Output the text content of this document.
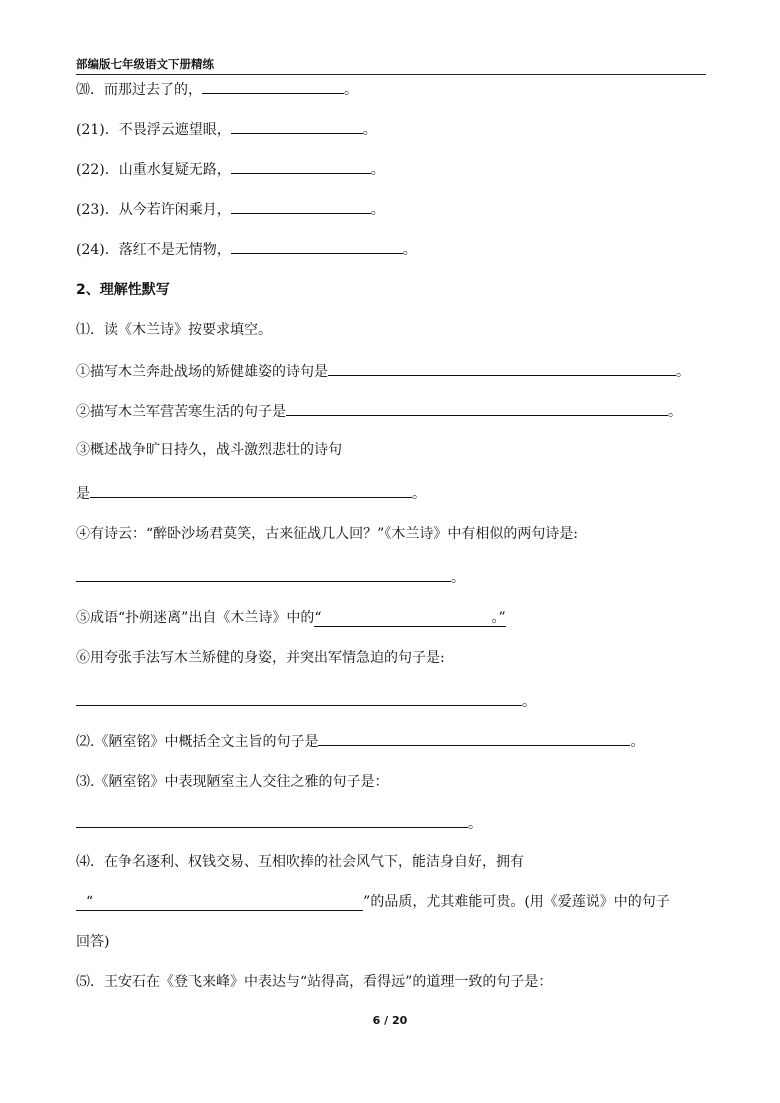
部编版七年级语文下册精练
⒇．而那过去了的，	。
(21)．不畏浮云遮望眼，	。
(22)．山重水复疑无路，	。
(23)．从今若许闲乘月，	。
(24)．落红不是无情物，	。
2、理解性默写
⑴．读《木兰诗》按要求填空。
①描写木兰奔赴战场的矫健雄姿的诗句是	。
②描写木兰军营苦寒生活的句子是	。
③概述战争旷日持久，战斗激烈悲壮的诗句
是	。
④有诗云：“醉卧沙场君莫笑，古来征战几人回？”《木兰诗》中有相似的两句诗是:
。
⑤成语“扑朔迷离”出自《木兰诗》中的“	。”
⑥用夸张手法写木兰矫健的身姿，并突出军情急迫的句子是:
。
⑵.《陋室铭》中概括全文主旨的句子是	。
⑶.《陋室铭》中表现陋室主人交往之雅的句子是：
。
⑷．在争名逐利、权钱交易、互相吹捧的社会风气下，能洁身自好，拥有
“	”的品质，尤其难能可贵。(用《爱莲说》中的句子
回答)
⑸．王安石在《登飞来峰》中表达与“站得高，看得远”的道理一致的句子是：
6 / 20
